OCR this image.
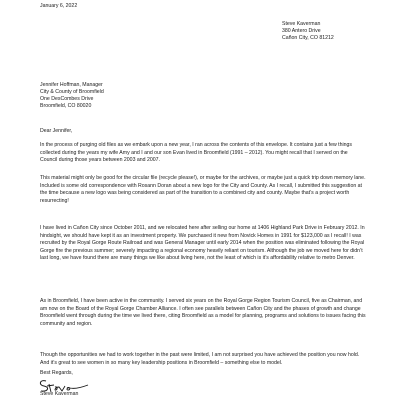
January 6, 2022
Steve Kaverman
380 Antero Drive
Cañon City, CO 81212
Jennifer Hoffman, Manager
City & County of Broomfield
One DesCombes Drive
Broomfield, CO 80020
Dear Jennifer,
In the process of purging old files as we embark upon a new year, I ran across the contents of this envelope. It contains just a few things collected during the years my wife Amy and I and our son Evan lived in Broomfield (1991 – 2012). You might recall that I served on the Council during those years between 2003 and 2007.
This material might only be good for the circular file (recycle please!), or maybe for the archives, or maybe just a quick trip down memory lane. Included is some old correspondence with Rosann Doran about a new logo for the City and County. As I recall, I submitted this suggestion at the time because a new logo was being considered as part of the transition to a combined city and county. Maybe that’s a project worth resurrecting!
I have lived in Cañon City since October 2011, and we relocated here after selling our home at 1406 Highland Park Drive in February 2012. In hindsight, we should have kept it as an investment property. We purchased it new from Novick Homes in 1991 for $123,000 as I recall! I was recruited by the Royal Gorge Route Railroad and was General Manager until early 2014 when the position was eliminated following the Royal Gorge fire the previous summer; severely impacting a regional economy heavily reliant on tourism. Although the job we moved here for didn’t last long, we have found there are many things we like about living here, not the least of which is it’s affordability relative to metro Denver.
As in Broomfield, I have been active in the community. I served six years on the Royal Gorge Region Tourism Council, five as Chairman, and am now on the Board of the Royal Gorge Chamber Alliance. I often see parallels between Cañon City and the phases of growth and change Broomfield went through during the time we lived there, citing Broomfield as a model for planning, programs and solutions to issues facing this community and region.
Though the opportunities we had to work together in the past were limited, I am not surprised you have achieved the position you now hold. And it’s great to see women in so many key leadership positions in Broomfield – something else to model.
Best Regards,
Steve Kaverman
